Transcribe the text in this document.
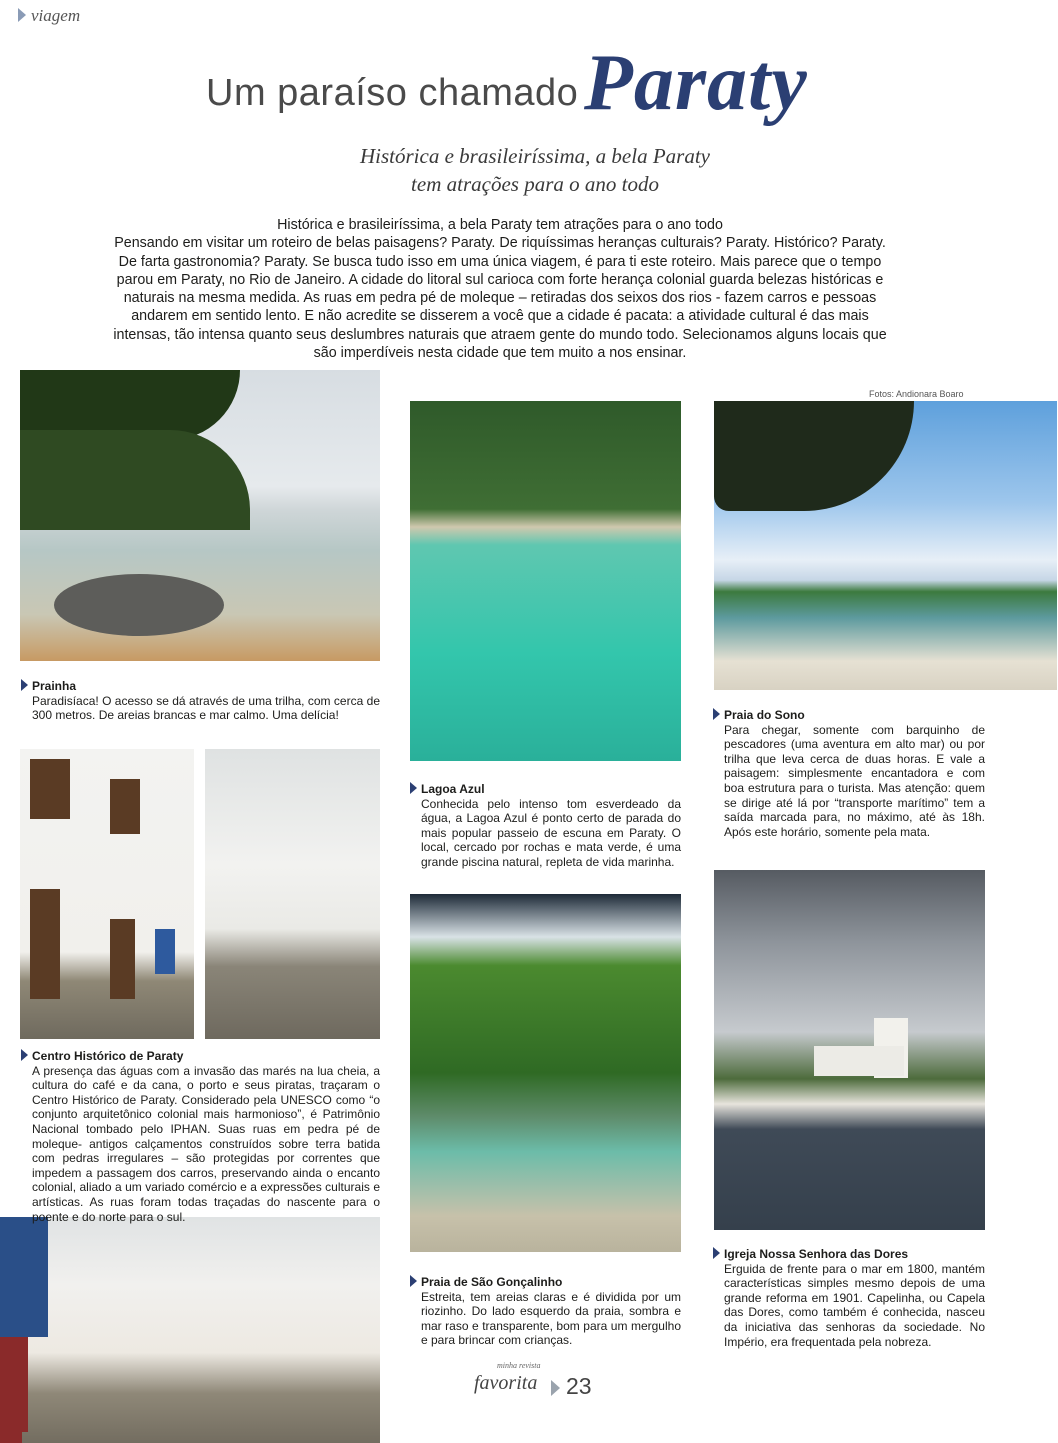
viagem
Um paraíso chamado Paraty
Histórica e brasileiríssima, a bela Paraty
tem atrações para o ano todo

Histórica e brasileiríssima, a bela Paraty tem atrações para o ano todo

Pensando em visitar um roteiro de belas paisagens? Paraty. De riquíssimas heranças culturais? Paraty. Histórico? Paraty. De farta gastronomia? Paraty. Se busca tudo isso em uma única viagem, é para ti este roteiro. Mais parece que o tempo parou em Paraty, no Rio de Janeiro. A cidade do litoral sul carioca com forte herança colonial guarda belezas históricas e naturais na mesma medida. As ruas em pedra pé de moleque – retiradas dos seixos dos rios - fazem carros e pessoas andarem em sentido lento. E não acredite se disserem a você que a cidade é pacata: a atividade cultural é das mais intensas, tão intensa quanto seus deslumbres naturais que atraem gente do mundo todo. Selecionamos alguns locais que são imperdíveis nesta cidade que tem muito a nos ensinar.

Fotos: Andionara Boaro
Prainha
Paradisíaca! O acesso se dá através de uma trilha, com cerca de 300 metros. De areias brancas e mar calmo. Uma delícia!
Lagoa Azul
Conhecida pelo intenso tom esverdeado da água, a Lagoa Azul é ponto certo de parada do mais popular passeio de escuna em Paraty. O local, cercado por rochas e mata verde, é uma grande piscina natural, repleta de vida marinha.
Praia do Sono
Para chegar, somente com barquinho de pescadores (uma aventura em alto mar) ou por trilha que leva cerca de duas horas. E vale a paisagem: simplesmente encantadora e com boa estrutura para o turista. Mas atenção: quem se dirige até lá por “transporte marítimo” tem a saída marcada para, no máximo, até às 18h. Após este horário, somente pela mata.
Centro Histórico de Paraty
A presença das águas com a invasão das marés na lua cheia, a cultura do café e da cana, o porto e seus piratas, traçaram o Centro Histórico de Paraty. Considerado pela UNESCO como “o conjunto arquitetônico colonial mais harmonioso”, é Patrimônio Nacional tombado pelo IPHAN. Suas ruas em pedra pé de moleque- antigos calçamentos construídos sobre terra batida com pedras irregulares – são protegidas por correntes que impedem a passagem dos carros, preservando ainda o encanto colonial, aliado a um variado comércio e a expressões culturais e artísticas. As ruas foram todas traçadas do nascente para o poente e do norte para o sul.
Praia de São Gonçalinho
Estreita, tem areias claras e é dividida por um riozinho. Do lado esquerdo da praia, sombra e mar raso e transparente, bom para um mergulho e para brincar com crianças.
Igreja Nossa Senhora das Dores
Erguida de frente para o mar em 1800, mantém características simples mesmo depois de uma grande reforma em 1901. Capelinha, ou Capela das Dores, como também é conhecida, nasceu da iniciativa das senhoras da sociedade. No Império, era frequentada pela nobreza.
minha revista
favorita 23
